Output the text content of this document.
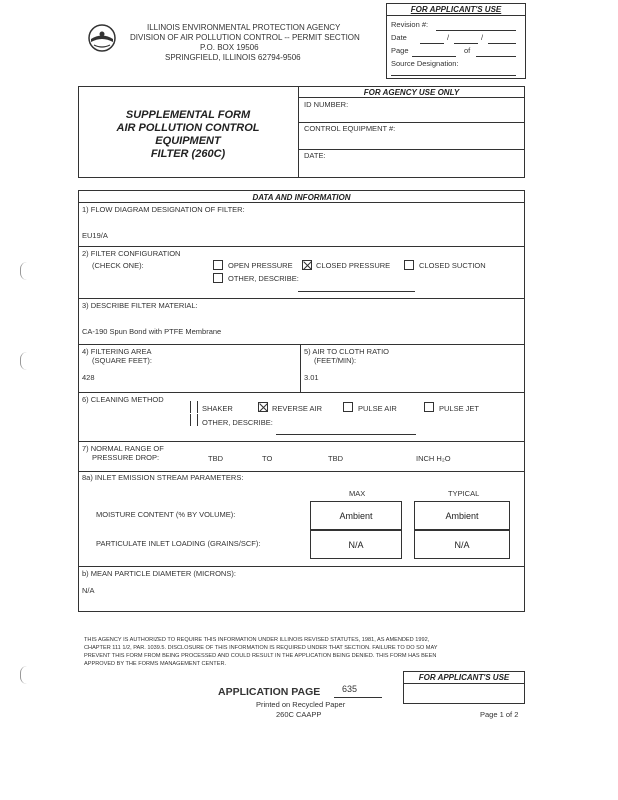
ILLINOIS ENVIRONMENTAL PROTECTION AGENCY
DIVISION OF AIR POLLUTION CONTROL -- PERMIT SECTION
P.O. BOX 19506
SPRINGFIELD, ILLINOIS 62794-9506
FOR APPLICANT'S USE
Revision #:
Date	/	/
Page	of
Source Designation:
SUPPLEMENTAL FORM
AIR POLLUTION CONTROL
EQUIPMENT
FILTER (260C)
FOR AGENCY USE ONLY
ID NUMBER:
CONTROL EQUIPMENT #:
DATE:
DATA AND INFORMATION
1) FLOW DIAGRAM DESIGNATION OF FILTER:
EU19/A
2) FILTER CONFIGURATION
(CHECK ONE):	OPEN PRESSURE	CLOSED PRESSURE	CLOSED SUCTION
OTHER, DESCRIBE:
3) DESCRIBE FILTER MATERIAL:
CA-190 Spun Bond with PTFE Membrane
4) FILTERING AREA
(SQUARE FEET):
428
5) AIR TO CLOTH RATIO
(FEET/MIN):
3.01
6) CLEANING METHOD
SHAKER	REVERSE AIR	PULSE AIR	PULSE JET
OTHER, DESCRIBE:
7) NORMAL RANGE OF
PRESSURE DROP:	TBD	TO	TBD	INCH H₂O
8a) INLET EMISSION STREAM PARAMETERS:
MAX	TYPICAL
MOISTURE CONTENT (% BY VOLUME):	Ambient	Ambient
PARTICULATE INLET LOADING (GRAINS/SCF):	N/A	N/A
b) MEAN PARTICLE DIAMETER (MICRONS):
N/A
THIS AGENCY IS AUTHORIZED TO REQUIRE THIS INFORMATION UNDER ILLINOIS REVISED STATUTES, 1981, AS AMENDED 1992,
CHAPTER 111 1/2, PAR. 1039.5. DISCLOSURE OF THIS INFORMATION IS REQUIRED UNDER THAT SECTION. FAILURE TO DO SO MAY
PREVENT THIS FORM FROM BEING PROCESSED AND COULD RESULT IN THE APPLICATION BEING DENIED. THIS FORM HAS BEEN
APPROVED BY THE FORMS MANAGEMENT CENTER.
FOR APPLICANT'S USE
APPLICATION PAGE 635
Printed on Recycled Paper
260C CAAPP	Page 1 of 2
